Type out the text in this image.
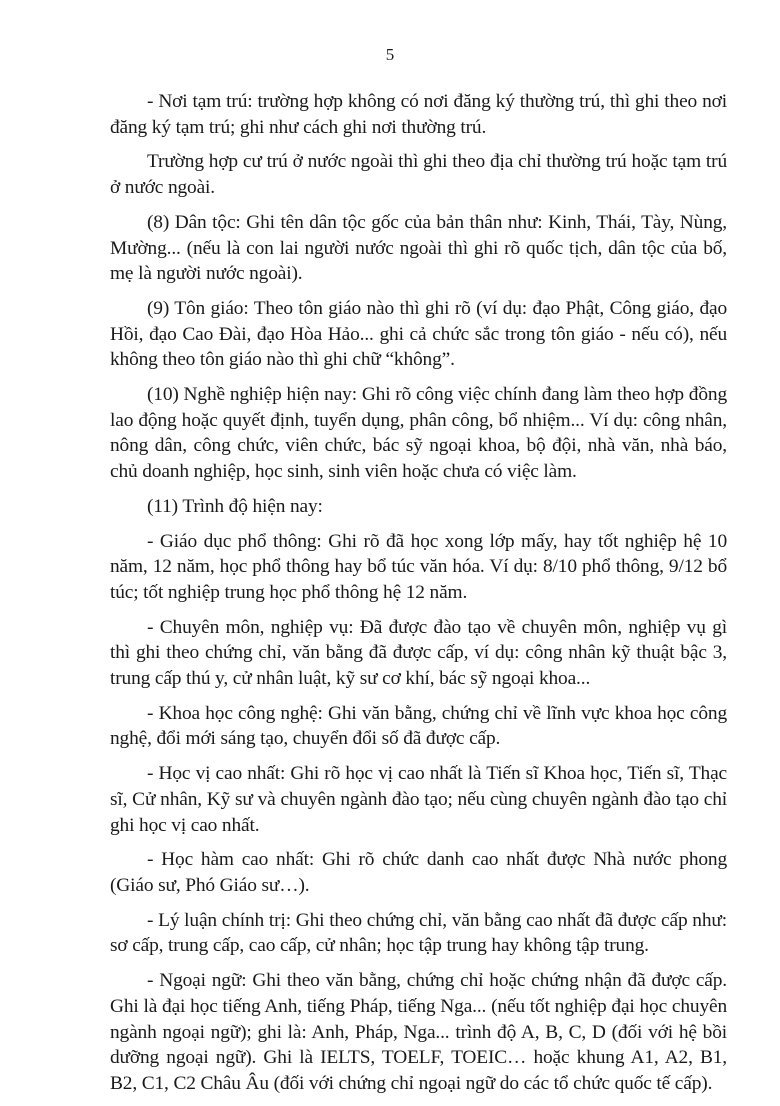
5

- Nơi tạm trú: trường hợp không có nơi đăng ký thường trú, thì ghi theo nơi đăng ký tạm trú; ghi như cách ghi nơi thường trú.

Trường hợp cư trú ở nước ngoài thì ghi theo địa chỉ thường trú hoặc tạm trú ở nước ngoài.

(8) Dân tộc: Ghi tên dân tộc gốc của bản thân như: Kinh, Thái, Tày, Nùng, Mường... (nếu là con lai người nước ngoài thì ghi rõ quốc tịch, dân tộc của bố, mẹ là người nước ngoài).

(9) Tôn giáo: Theo tôn giáo nào thì ghi rõ (ví dụ: đạo Phật, Công giáo, đạo Hồi, đạo Cao Đài, đạo Hòa Hảo... ghi cả chức sắc trong tôn giáo - nếu có), nếu không theo tôn giáo nào thì ghi chữ “không”.

(10) Nghề nghiệp hiện nay: Ghi rõ công việc chính đang làm theo hợp đồng lao động hoặc quyết định, tuyển dụng, phân công, bổ nhiệm... Ví dụ: công nhân, nông dân, công chức, viên chức, bác sỹ ngoại khoa, bộ đội, nhà văn, nhà báo, chủ doanh nghiệp, học sinh, sinh viên hoặc chưa có việc làm.

(11) Trình độ hiện nay:

- Giáo dục phổ thông: Ghi rõ đã học xong lớp mấy, hay tốt nghiệp hệ 10 năm, 12 năm, học phổ thông hay bổ túc văn hóa. Ví dụ: 8/10 phổ thông, 9/12 bổ túc; tốt nghiệp trung học phổ thông hệ 12 năm.

- Chuyên môn, nghiệp vụ: Đã được đào tạo về chuyên môn, nghiệp vụ gì thì ghi theo chứng chỉ, văn bằng đã được cấp, ví dụ: công nhân kỹ thuật bậc 3, trung cấp thú y, cử nhân luật, kỹ sư cơ khí, bác sỹ ngoại khoa...

- Khoa học công nghệ: Ghi văn bằng, chứng chỉ về lĩnh vực khoa học công nghệ, đổi mới sáng tạo, chuyển đổi số đã được cấp.

- Học vị cao nhất: Ghi rõ học vị cao nhất là Tiến sĩ Khoa học, Tiến sĩ, Thạc sĩ, Cử nhân, Kỹ sư và chuyên ngành đào tạo; nếu cùng chuyên ngành đào tạo chỉ ghi học vị cao nhất.

- Học hàm cao nhất: Ghi rõ chức danh cao nhất được Nhà nước phong (Giáo sư, Phó Giáo sư…).

- Lý luận chính trị: Ghi theo chứng chỉ, văn bằng cao nhất đã được cấp như: sơ cấp, trung cấp, cao cấp, cử nhân; học tập trung hay không tập trung.

- Ngoại ngữ: Ghi theo văn bằng, chứng chỉ hoặc chứng nhận đã được cấp. Ghi là đại học tiếng Anh, tiếng Pháp, tiếng Nga... (nếu tốt nghiệp đại học chuyên ngành ngoại ngữ); ghi là: Anh, Pháp, Nga... trình độ A, B, C, D (đối với hệ bồi dưỡng ngoại ngữ). Ghi là IELTS, TOELF, TOEIC… hoặc khung A1, A2, B1, B2, C1, C2 Châu Âu (đối với chứng chỉ ngoại ngữ do các tổ chức quốc tế cấp).
